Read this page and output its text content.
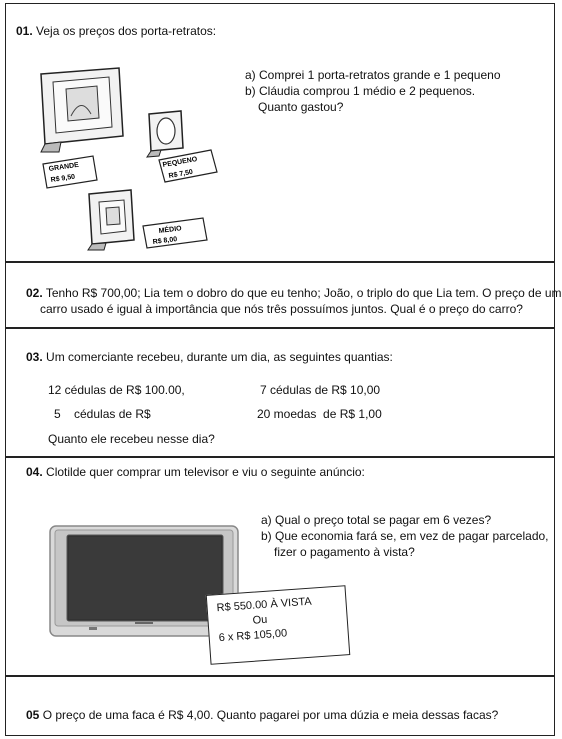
01. Veja os preços dos porta-retratos:
GRANDE
R$ 9,50
PEQUENO
R$ 7,50
MÉDIO
R$ 8,00
a) Comprei 1 porta-retratos grande e 1 pequeno
b) Cláudia comprou 1 médio e 2 pequenos.
Quanto gastou?
02. Tenho R$ 700,00; Lia tem o dobro do que eu tenho; João, o triplo do que Lia tem. O preço de um
carro usado é igual à importância que nós três possuímos juntos. Qual é o preço do carro?
03. Um comerciante recebeu, durante um dia, as seguintes quantias:
12 cédulas de R$ 100.00,	7 cédulas de R$ 10,00
5    cédulas de R$	20 moedas  de R$ 1,00
Quanto ele recebeu nesse dia?
04. Clotilde quer comprar um televisor e viu o seguinte anúncio:
a) Qual o preço total se pagar em 6 vezes?
b) Que economia fará se, em vez de pagar parcelado,
fizer o pagamento à vista?
R$ 550.00 À VISTA
Ou
6 x R$ 105,00
05 O preço de uma faca é R$ 4,00. Quanto pagarei por uma dúzia e meia dessas facas?
